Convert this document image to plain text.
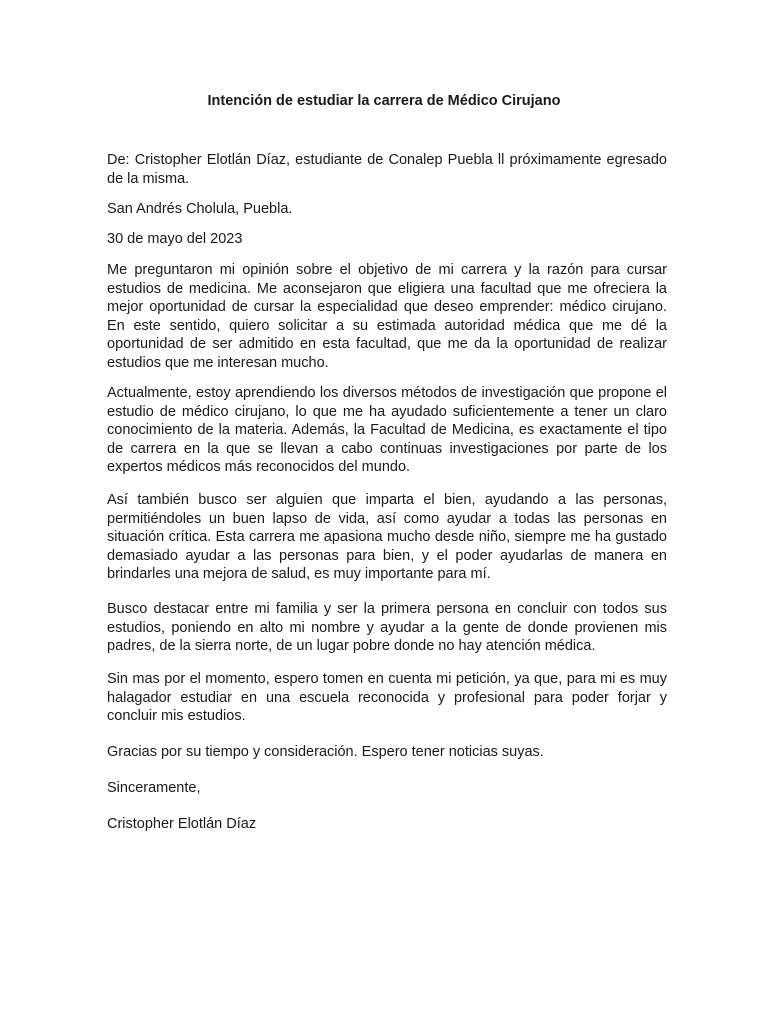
Intención de estudiar la carrera de Médico Cirujano

De: Cristopher Elotlán Díaz, estudiante de Conalep Puebla ll próximamente egresado de la misma.

San Andrés Cholula, Puebla.

30 de mayo del 2023

Me preguntaron mi opinión sobre el objetivo de mi carrera y la razón para cursar estudios de medicina. Me aconsejaron que eligiera una facultad que me ofreciera la mejor oportunidad de cursar la especialidad que deseo emprender: médico cirujano. En este sentido, quiero solicitar a su estimada autoridad médica que me dé la oportunidad de ser admitido en esta facultad, que me da la oportunidad de realizar estudios que me interesan mucho.

Actualmente, estoy aprendiendo los diversos métodos de investigación que propone el estudio de médico cirujano, lo que me ha ayudado suficientemente a tener un claro conocimiento de la materia. Además, la Facultad de Medicina, es exactamente el tipo de carrera en la que se llevan a cabo continuas investigaciones por parte de los expertos médicos más reconocidos del mundo.

Así también busco ser alguien que imparta el bien, ayudando a las personas, permitiéndoles un buen lapso de vida, así como ayudar a todas las personas en situación crítica. Esta carrera me apasiona mucho desde niño, siempre me ha gustado demasiado ayudar a las personas para bien, y el poder ayudarlas de manera en brindarles una mejora de salud, es muy importante para mí.

Busco destacar entre mi familia y ser la primera persona en concluir con todos sus estudios, poniendo en alto mi nombre y ayudar a la gente de donde provienen mis padres, de la sierra norte, de un lugar pobre donde no hay atención médica.

Sin mas por el momento, espero tomen en cuenta mi petición, ya que, para mi es muy halagador estudiar en una escuela reconocida y profesional para poder forjar y concluir mis estudios.

Gracias por su tiempo y consideración. Espero tener noticias suyas.

Sinceramente,

Cristopher Elotlán Díaz
